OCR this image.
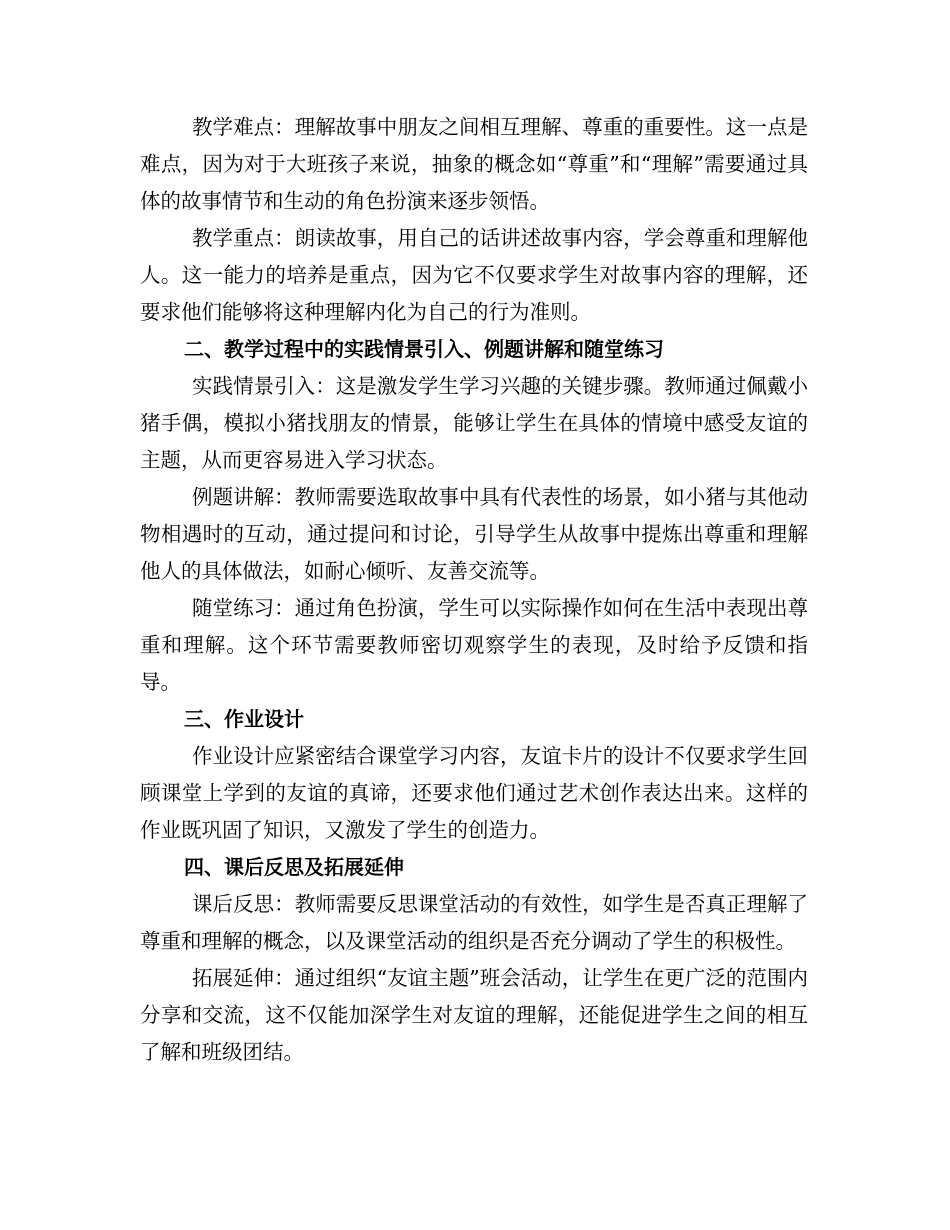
教学难点：理解故事中朋友之间相互理解、尊重的重要性。这一点是难点，因为对于大班孩子来说，抽象的概念如“尊重”和“理解”需要通过具体的故事情节和生动的角色扮演来逐步领悟。

教学重点：朗读故事，用自己的话讲述故事内容，学会尊重和理解他人。这一能力的培养是重点，因为它不仅要求学生对故事内容的理解，还要求他们能够将这种理解内化为自己的行为准则。

二、教学过程中的实践情景引入、例题讲解和随堂练习

实践情景引入：这是激发学生学习兴趣的关键步骤。教师通过佩戴小猪手偶，模拟小猪找朋友的情景，能够让学生在具体的情境中感受友谊的主题，从而更容易进入学习状态。

例题讲解：教师需要选取故事中具有代表性的场景，如小猪与其他动物相遇时的互动，通过提问和讨论，引导学生从故事中提炼出尊重和理解他人的具体做法，如耐心倾听、友善交流等。

随堂练习：通过角色扮演，学生可以实际操作如何在生活中表现出尊重和理解。这个环节需要教师密切观察学生的表现，及时给予反馈和指导。

三、作业设计

作业设计应紧密结合课堂学习内容，友谊卡片的设计不仅要求学生回顾课堂上学到的友谊的真谛，还要求他们通过艺术创作表达出来。这样的作业既巩固了知识，又激发了学生的创造力。

四、课后反思及拓展延伸

课后反思：教师需要反思课堂活动的有效性，如学生是否真正理解了尊重和理解的概念，以及课堂活动的组织是否充分调动了学生的积极性。

拓展延伸：通过组织“友谊主题”班会活动，让学生在更广泛的范围内分享和交流，这不仅能加深学生对友谊的理解，还能促进学生之间的相互了解和班级团结。
